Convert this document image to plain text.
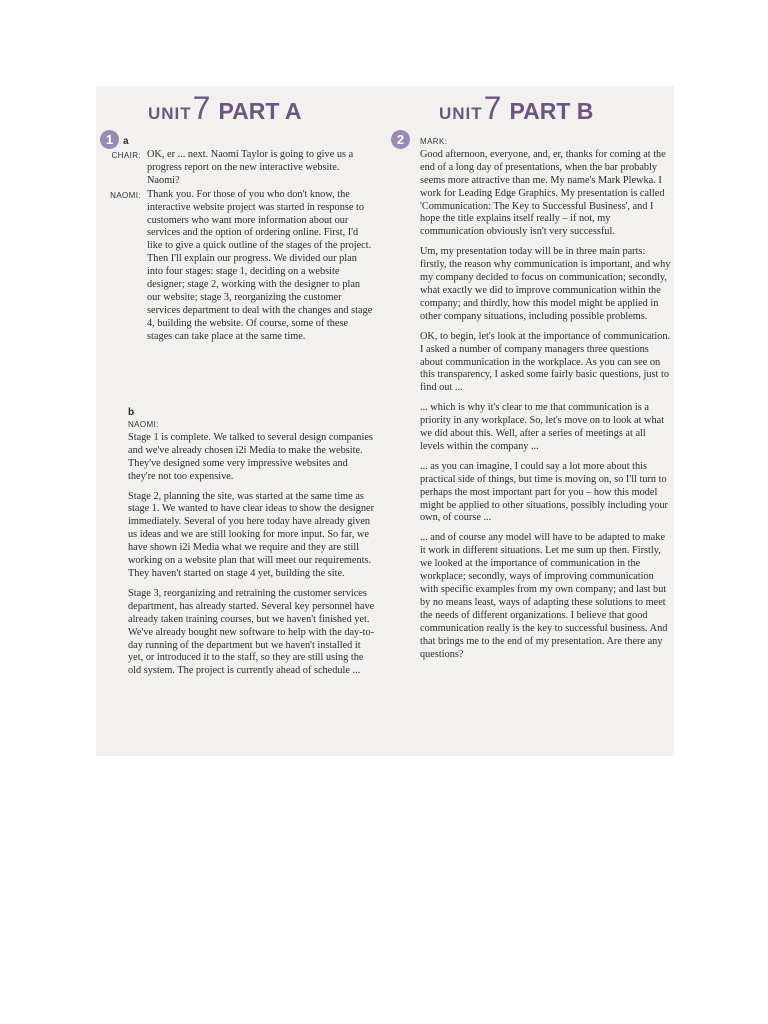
UNIT7 PART A
1 a
CHAIR: OK, er ... next. Naomi Taylor is going to give us a progress report on the new interactive website. Naomi?
NAOMI: Thank you. For those of you who don't know, the interactive website project was started in response to customers who want more information about our services and the option of ordering online. First, I'd like to give a quick outline of the stages of the project. Then I'll explain our progress. We divided our plan into four stages: stage 1, deciding on a website designer; stage 2, working with the designer to plan our website; stage 3, reorganizing the customer services department to deal with the changes and stage 4, building the website. Of course, some of these stages can take place at the same time.
b
NAOMI:

Stage 1 is complete. We talked to several design companies and we've already chosen i2i Media to make the website. They've designed some very impressive websites and they're not too expensive.

Stage 2, planning the site, was started at the same time as stage 1. We wanted to have clear ideas to show the designer immediately. Several of you here today have already given us ideas and we are still looking for more input. So far, we have shown i2i Media what we require and they are still working on a website plan that will meet our requirements. They haven't started on stage 4 yet, building the site.

Stage 3, reorganizing and retraining the customer services department, has already started. Several key personnel have already taken training courses, but we haven't finished yet. We've already bought new software to help with the day-to-day running of the department but we haven't installed it yet, or introduced it to the staff, so they are still using the old system. The project is currently ahead of schedule ...

UNIT7 PART B
2	MARK:

Good afternoon, everyone, and, er, thanks for coming at the end of a long day of presentations, when the bar probably seems more attractive than me. My name's Mark Plewka. I work for Leading Edge Graphics. My presentation is called 'Communication: The Key to Successful Business', and I hope the title explains itself really – if not, my communication obviously isn't very successful.

Um, my presentation today will be in three main parts: firstly, the reason why communication is important, and why my company decided to focus on communication; secondly, what exactly we did to improve communication within the company; and thirdly, how this model might be applied in other company situations, including possible problems.

OK, to begin, let's look at the importance of communication. I asked a number of company managers three questions about communication in the workplace. As you can see on this transparency, I asked some fairly basic questions, just to find out ...

... which is why it's clear to me that communication is a priority in any workplace. So, let's move on to look at what we did about this. Well, after a series of meetings at all levels within the company ...

... as you can imagine, I could say a lot more about this practical side of things, but time is moving on, so I'll turn to perhaps the most important part for you – how this model might be applied to other situations, possibly including your own, of course ...

... and of course any model will have to be adapted to make it work in different situations. Let me sum up then. Firstly, we looked at the importance of communication in the workplace; secondly, ways of improving communication with specific examples from my own company; and last but by no means least, ways of adapting these solutions to meet the needs of different organizations. I believe that good communication really is the key to successful business. And that brings me to the end of my presentation. Are there any questions?
